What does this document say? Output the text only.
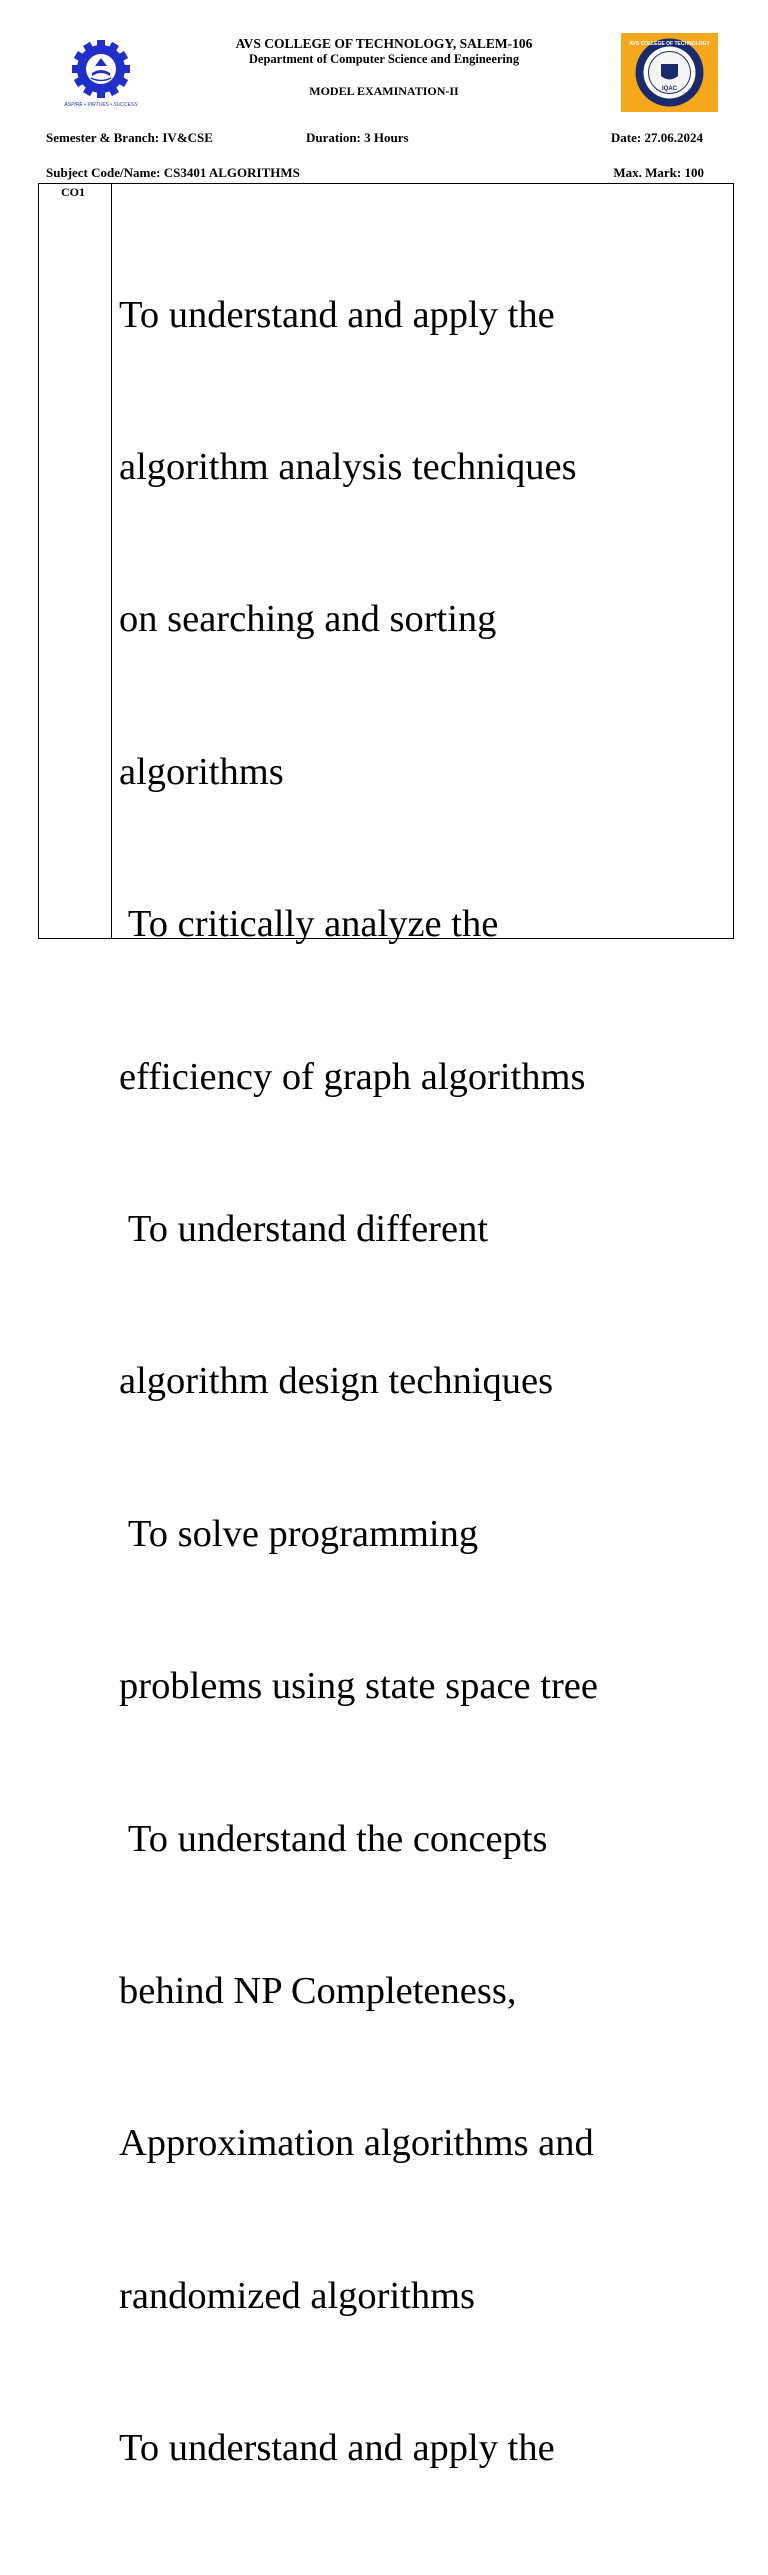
ASPIRE • VIRTUES • SUCCESS
IQAC
AVS COLLEGE OF TECHNOLOGY
AVS COLLEGE OF TECHNOLOGY, SALEM-106
Department of Computer Science and Engineering
MODEL EXAMINATION-II
Semester & Branch: IV&CSE	Duration: 3 Hours	Date: 27.06.2024
Subject Code/Name: CS3401 ALGORITHMS	Max. Mark: 100
CO1

To understand and apply the

algorithm analysis techniques

on searching and sorting

algorithms

To critically analyze the

efficiency of graph algorithms

To understand different

algorithm design techniques

To solve programming

problems using state space tree

To understand the concepts

behind NP Completeness,

Approximation algorithms and

randomized algorithms

To understand and apply the
